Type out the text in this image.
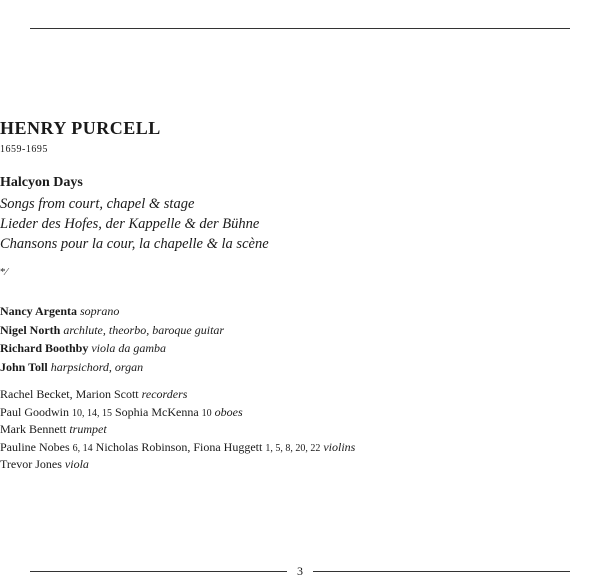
HENRY PURCELL
1659-1695
Halcyon Days
Songs from court, chapel & stage
Lieder des Hofes, der Kappelle & der Bühne
Chansons pour la cour, la chapelle & la scène
*⁄
Nancy Argenta soprano
Nigel North archlute, theorbo, baroque guitar
Richard Boothby viola da gamba
John Toll harpsichord, organ
Rachel Becket, Marion Scott recorders
Paul Goodwin 10, 14, 15 Sophia McKenna 10 oboes
Mark Bennett trumpet
Pauline Nobes 6, 14 Nicholas Robinson, Fiona Huggett 1, 5, 8, 20, 22 violins
Trevor Jones viola
3
